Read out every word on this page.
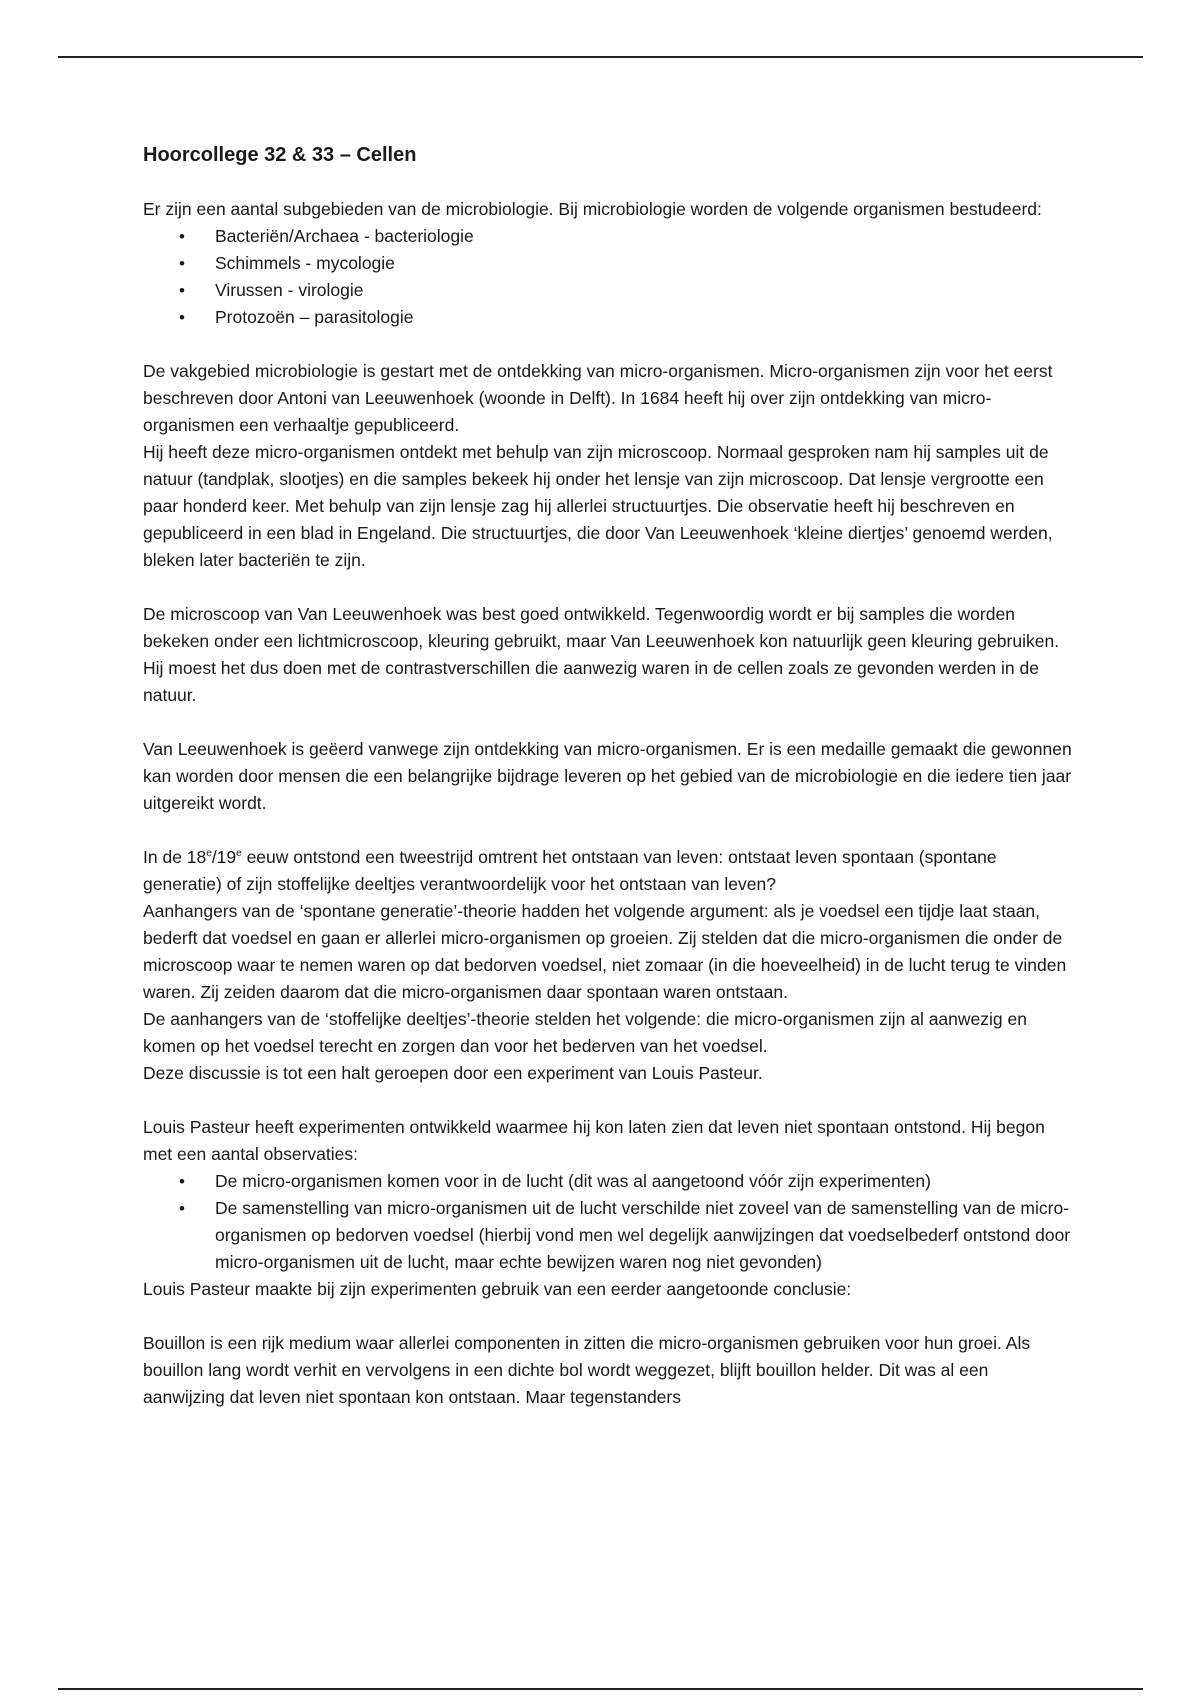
Hoorcollege 32 & 33 – Cellen

Er zijn een aantal subgebieden van de microbiologie. Bij microbiologie worden de volgende organismen bestudeerd:

• Bacteriën/Archaea - bacteriologie
• Schimmels - mycologie
• Virussen - virologie
• Protozoën – parasitologie

De vakgebied microbiologie is gestart met de ontdekking van micro-organismen. Micro-organismen zijn voor het eerst beschreven door Antoni van Leeuwenhoek (woonde in Delft). In 1684 heeft hij over zijn ontdekking van micro-organismen een verhaaltje gepubliceerd.

Hij heeft deze micro-organismen ontdekt met behulp van zijn microscoop. Normaal gesproken nam hij samples uit de natuur (tandplak, slootjes) en die samples bekeek hij onder het lensje van zijn microscoop. Dat lensje vergrootte een paar honderd keer. Met behulp van zijn lensje zag hij allerlei structuurtjes. Die observatie heeft hij beschreven en gepubliceerd in een blad in Engeland. Die structuurtjes, die door Van Leeuwenhoek ‘kleine diertjes’ genoemd werden, bleken later bacteriën te zijn.

De microscoop van Van Leeuwenhoek was best goed ontwikkeld. Tegenwoordig wordt er bij samples die worden bekeken onder een lichtmicroscoop, kleuring gebruikt, maar Van Leeuwenhoek kon natuurlijk geen kleuring gebruiken. Hij moest het dus doen met de contrastverschillen die aanwezig waren in de cellen zoals ze gevonden werden in de natuur.

Van Leeuwenhoek is geëerd vanwege zijn ontdekking van micro-organismen. Er is een medaille gemaakt die gewonnen kan worden door mensen die een belangrijke bijdrage leveren op het gebied van de microbiologie en die iedere tien jaar uitgereikt wordt.

In de 18e/19e eeuw ontstond een tweestrijd omtrent het ontstaan van leven: ontstaat leven spontaan (spontane generatie) of zijn stoffelijke deeltjes verantwoordelijk voor het ontstaan van leven?

Aanhangers van de ‘spontane generatie’-theorie hadden het volgende argument: als je voedsel een tijdje laat staan, bederft dat voedsel en gaan er allerlei micro-organismen op groeien. Zij stelden dat die micro-organismen die onder de microscoop waar te nemen waren op dat bedorven voedsel, niet zomaar (in die hoeveelheid) in de lucht terug te vinden waren. Zij zeiden daarom dat die micro-organismen daar spontaan waren ontstaan.

De aanhangers van de ‘stoffelijke deeltjes’-theorie stelden het volgende: die micro-organismen zijn al aanwezig en komen op het voedsel terecht en zorgen dan voor het bederven van het voedsel.

Deze discussie is tot een halt geroepen door een experiment van Louis Pasteur.

Louis Pasteur heeft experimenten ontwikkeld waarmee hij kon laten zien dat leven niet spontaan ontstond. Hij begon met een aantal observaties:

• De micro-organismen komen voor in de lucht (dit was al aangetoond vóór zijn experimenten)
• De samenstelling van micro-organismen uit de lucht verschilde niet zoveel van de samenstelling van de micro-organismen op bedorven voedsel (hierbij vond men wel degelijk aanwijzingen dat voedselbederf ontstond door micro-organismen uit de lucht, maar echte bewijzen waren nog niet gevonden)

Louis Pasteur maakte bij zijn experimenten gebruik van een eerder aangetoonde conclusie:

Bouillon is een rijk medium waar allerlei componenten in zitten die micro-organismen gebruiken voor hun groei. Als bouillon lang wordt verhit en vervolgens in een dichte bol wordt weggezet, blijft bouillon helder. Dit was al een aanwijzing dat leven niet spontaan kon ontstaan. Maar tegenstanders
